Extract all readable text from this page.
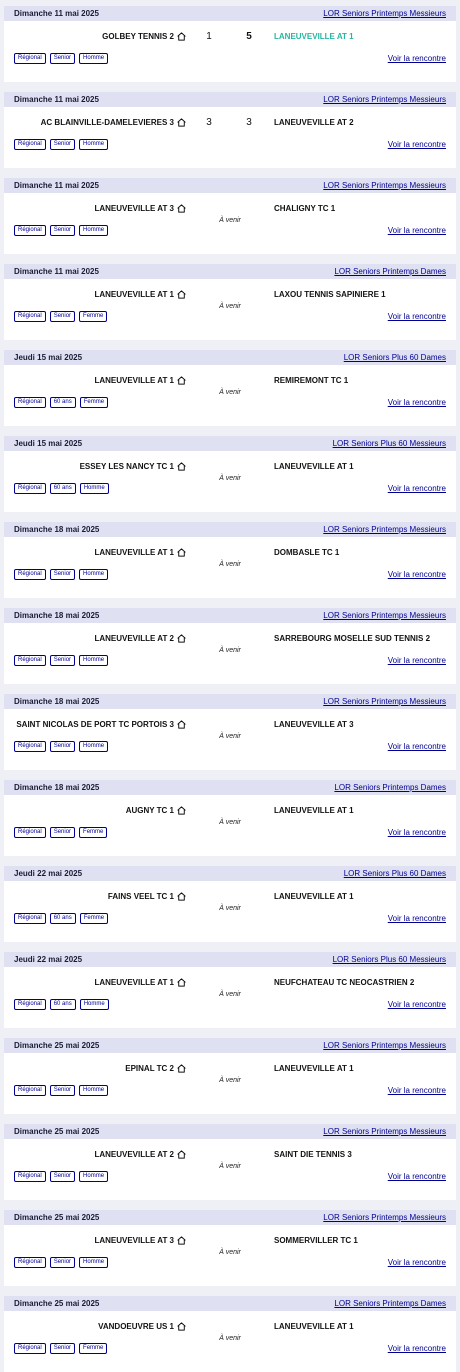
Dimanche 11 mai 2025	LOR Seniors Printemps Messieurs
GOLBEY TENNIS 2	1	5	LANEUVEVILLE AT 1
Régional	Senior	Homme	Voir la rencontre
Dimanche 11 mai 2025	LOR Seniors Printemps Messieurs
AC BLAINVILLE-DAMELEVIERES 3	3	3	LANEUVEVILLE AT 2
Régional	Senior	Homme	Voir la rencontre
Dimanche 11 mai 2025	LOR Seniors Printemps Messieurs
LANEUVEVILLE AT 3	CHALIGNY TC 1
À venir
Régional	Senior	Homme	Voir la rencontre
Dimanche 11 mai 2025	LOR Seniors Printemps Dames
LANEUVEVILLE AT 1	LAXOU TENNIS SAPINIERE 1
À venir
Régional	Senior	Femme	Voir la rencontre
Jeudi 15 mai 2025	LOR Seniors Plus 60 Dames
LANEUVEVILLE AT 1	REMIREMONT TC 1
À venir
Régional	60 ans	Femme	Voir la rencontre
Jeudi 15 mai 2025	LOR Seniors Plus 60 Messieurs
ESSEY LES NANCY TC 1	LANEUVEVILLE AT 1
À venir
Régional	60 ans	Homme	Voir la rencontre
Dimanche 18 mai 2025	LOR Seniors Printemps Messieurs
LANEUVEVILLE AT 1	DOMBASLE TC 1
À venir
Régional	Senior	Homme	Voir la rencontre
Dimanche 18 mai 2025	LOR Seniors Printemps Messieurs
LANEUVEVILLE AT 2	SARREBOURG MOSELLE SUD TENNIS 2
À venir
Régional	Senior	Homme	Voir la rencontre
Dimanche 18 mai 2025	LOR Seniors Printemps Messieurs
SAINT NICOLAS DE PORT TC PORTOIS 3	LANEUVEVILLE AT 3
À venir
Régional	Senior	Homme	Voir la rencontre
Dimanche 18 mai 2025	LOR Seniors Printemps Dames
AUGNY TC 1	LANEUVEVILLE AT 1
À venir
Régional	Senior	Femme	Voir la rencontre
Jeudi 22 mai 2025	LOR Seniors Plus 60 Dames
FAINS VEEL TC 1	LANEUVEVILLE AT 1
À venir
Régional	60 ans	Femme	Voir la rencontre
Jeudi 22 mai 2025	LOR Seniors Plus 60 Messieurs
LANEUVEVILLE AT 1	NEUFCHATEAU TC NEOCASTRIEN 2
À venir
Régional	60 ans	Homme	Voir la rencontre
Dimanche 25 mai 2025	LOR Seniors Printemps Messieurs
EPINAL TC 2	LANEUVEVILLE AT 1
À venir
Régional	Senior	Homme	Voir la rencontre
Dimanche 25 mai 2025	LOR Seniors Printemps Messieurs
LANEUVEVILLE AT 2	SAINT DIE TENNIS 3
À venir
Régional	Senior	Homme	Voir la rencontre
Dimanche 25 mai 2025	LOR Seniors Printemps Messieurs
LANEUVEVILLE AT 3	SOMMERVILLER TC 1
À venir
Régional	Senior	Homme	Voir la rencontre
Dimanche 25 mai 2025	LOR Seniors Printemps Dames
VANDOEUVRE US 1	LANEUVEVILLE AT 1
À venir
Régional	Senior	Femme	Voir la rencontre
